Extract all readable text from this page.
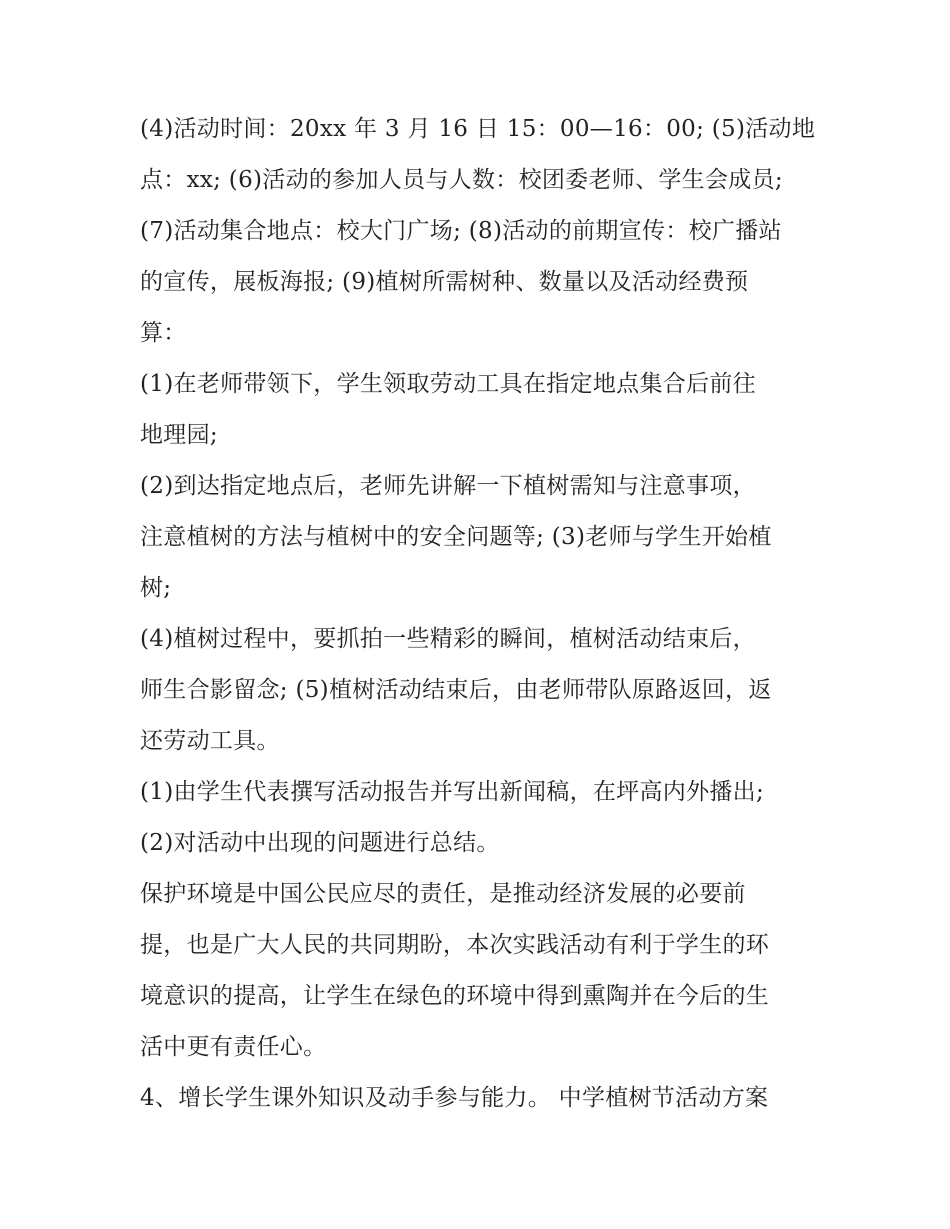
(4)活动时间：20xx 年 3 月 16 日 15：00—16：00; (5)活动地

点：xx; (6)活动的参加人员与人数：校团委老师、学生会成员;

(7)活动集合地点：校大门广场; (8)活动的前期宣传：校广播站

的宣传，展板海报; (9)植树所需树种、数量以及活动经费预

算：

(1)在老师带领下，学生领取劳动工具在指定地点集合后前往

地理园;

(2)到达指定地点后，老师先讲解一下植树需知与注意事项，

注意植树的方法与植树中的安全问题等; (3)老师与学生开始植

树;

(4)植树过程中，要抓拍一些精彩的瞬间，植树活动结束后，

师生合影留念; (5)植树活动结束后，由老师带队原路返回，返

还劳动工具。

(1)由学生代表撰写活动报告并写出新闻稿，在坪高内外播出;

(2)对活动中出现的问题进行总结。

保护环境是中国公民应尽的责任，是推动经济发展的必要前

提，也是广大人民的共同期盼，本次实践活动有利于学生的环

境意识的提高，让学生在绿色的环境中得到熏陶并在今后的生

活中更有责任心。

4、增长学生课外知识及动手参与能力。 中学植树节活动方案
